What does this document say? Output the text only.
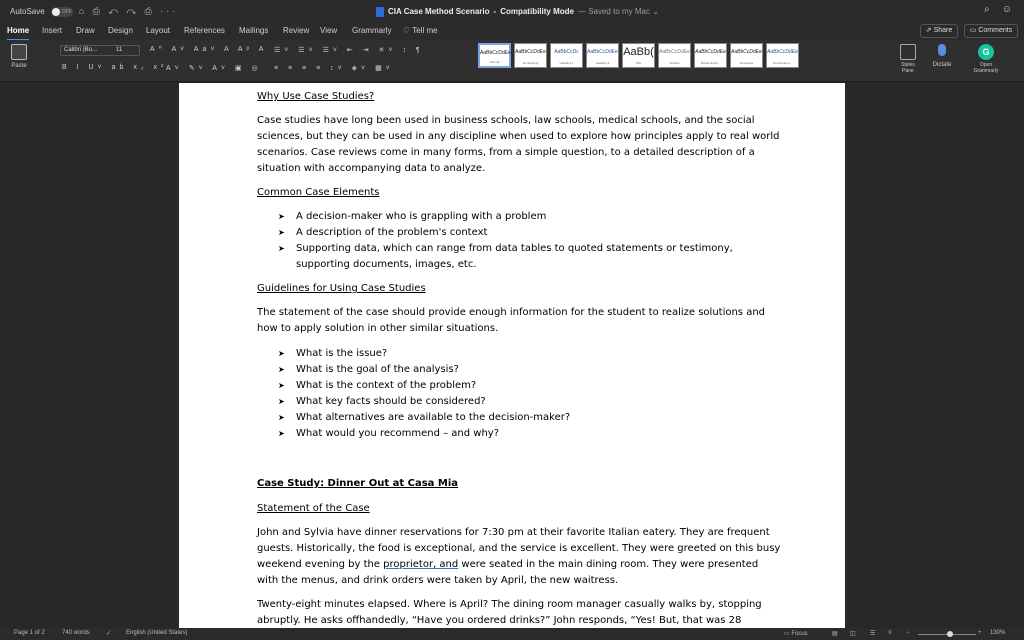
AutoSave	OFF ⌂ ⎙ ↶ ↷ ⎙ ···	CIA Case Method Scenario - Compatibility Mode — Saved to my Mac ⌄	⌕ ☺
Home Insert Draw Design Layout References Mailings Review View Grammarly ♡ Tell me	⇗ Share	▭ Comments
Paste
Calibri (Bo...	11	A^ A˅ Aa˅ A Aᵖ A
B I U˅ ab x₂ x²
A˅ ✎˅ A˅ ▣ ◎
☰˅ ☰˅ ☰˅ ⇤ ⇥ ✕˅ ↕ ¶
≡ ≡ ≡ ≡ ↕˅ ◈˅ ▦˅
AaBbCcDdEe
Normal
AaBbCcDdEe
No Spacing
AaBbCcDc
Heading 1
AaBbCcDdEe
Heading 2
AaBb(
Title
AaBbCcDdEe
Subtitle
AaBbCcDdEe
Subtle Emph...
AaBbCcDdEe
Emphasis
AaBbCcDdEe
Intense Emp...	Styles Pane
Dictate
G
Open Grammarly
Why Use Case Studies?
Case studies have long been used in business schools, law schools, medical schools, and the social
sciences, but they can be used in any discipline when used to explore how principles apply to real world
scenarios. Case reviews come in many forms, from a simple question, to a detailed description of a
situation with accompanying data to analyze.
Common Case Elements
➤ A decision-maker who is grappling with a problem
➤ A description of the problem's context
➤ Supporting data, which can range from data tables to quoted statements or testimony,
supporting documents, images, etc.
Guidelines for Using Case Studies
The statement of the case should provide enough information for the student to realize solutions and
how to apply solution in other similar situations.
➤ What is the issue?
➤ What is the goal of the analysis?
➤ What is the context of the problem?
➤ What key facts should be considered?
➤ What alternatives are available to the decision-maker?
➤ What would you recommend – and why?
Case Study: Dinner Out at Casa Mia
Statement of the Case
John and Sylvia have dinner reservations for 7:30 pm at their favorite Italian eatery. They are frequent
guests. Historically, the food is exceptional, and the service is excellent. They were greeted on this busy
weekend evening by the proprietor, and were seated in the main dining room. They were presented
with the menus, and drink orders were taken by April, the new waitress.
Twenty-eight minutes elapsed. Where is April? The dining room manager casually walks by, stopping
abruptly. He asks offhandedly, “Have you ordered drinks?” John responds, “Yes! But, that was 28
Page 1 of 2	740 words	✓ English (United States)	▭ Focus	▤ ◫ ☰ ≡ −	+ 130%
